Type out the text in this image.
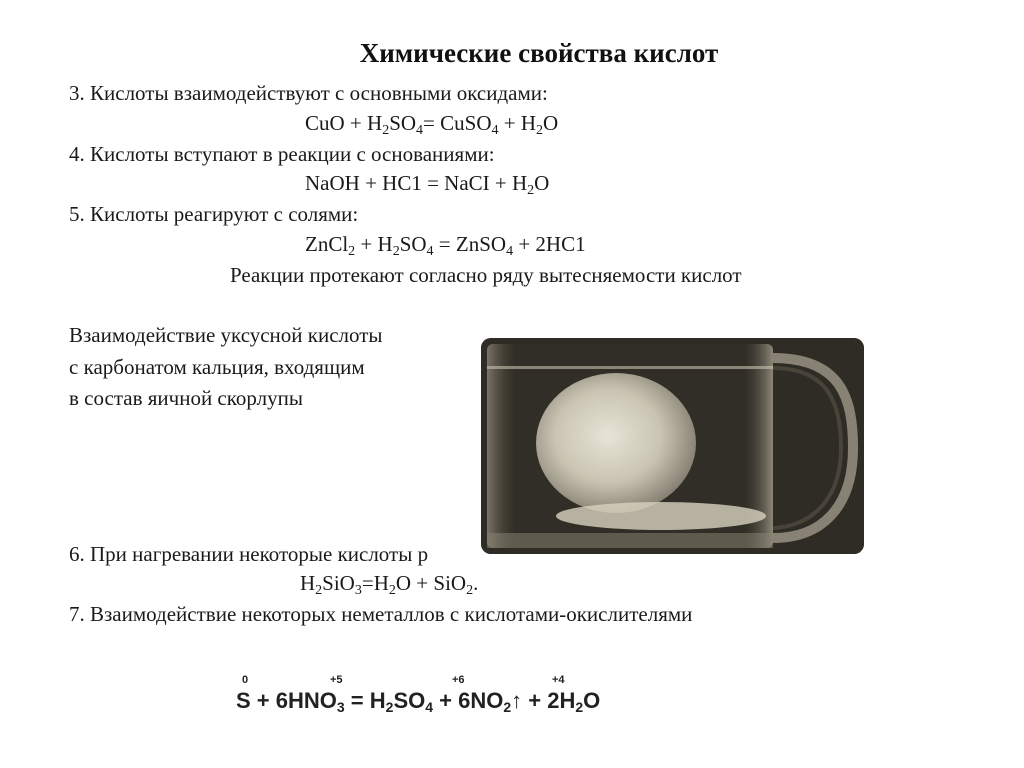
Химические свойства кислот
3. Кислоты взаимодействуют с основными оксидами:
CuO + $H_2SO_4=$ CuSO$_4$ + $H_2O$
4. Кислоты вступают в реакции с основаниями:
NaOH + HC1 = NaCI + $H_2O$
5. Кислоты реагируют с солями:
ZnCl$_2$ + $H_2SO_4$ = ZnSO$_4$ + 2HC1
Реакции протекают согласно ряду вытесняемости кислот
Взаимодействие уксусной кислоты
с карбонатом кальция, входящим
в состав яичной скорлупы
6. При нагревании некоторые кислоты р
$H_2SiO_3=H_2O + SiO_2$.
7. Взаимодействие некоторых неметаллов с кислотами-окислителями
0	+5	+6	+4
$S + 6HNO_3 = H_2SO_4$ + $6NO_2↑ + 2H_2O$
